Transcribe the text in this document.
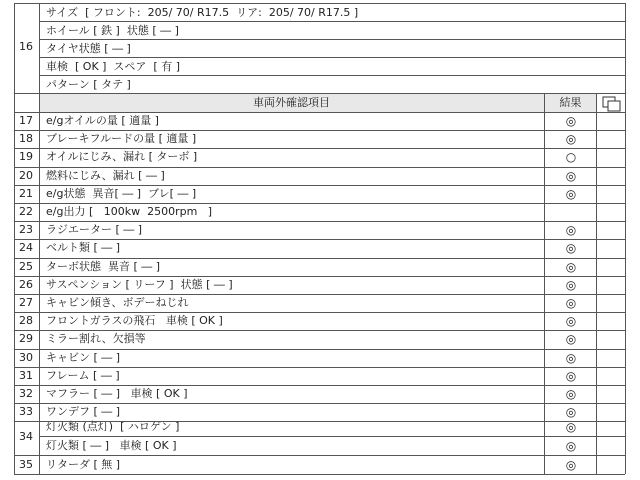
16
サイズ  [ フロント:  205/ 70/ R17.5  リア:  205/ 70/ R17.5 ]
ホイール [ 鉄 ]  状態 [ ― ]
タイヤ状態 [ ― ]
車検  [ OK ]  スペア  [ 有 ]
パターン [ タテ ]
車両外確認項目	結果
17	e/gオイルの量 [ 適量 ]	◎
18	ブレーキフルードの量 [ 適量 ]	◎
19	オイルにじみ、漏れ [ ターボ ]	○
20	燃料にじみ、漏れ [ ― ]	◎
21	e/g状態  異音[ ― ]  ブレ[ ― ]	◎
22	e/g出力 [   100kw  2500rpm   ]
23	ラジエーター [ ― ]	◎
24	ベルト類 [ ― ]	◎
25	ターボ状態  異音 [ ― ]	◎
26	サスペンション [ リーフ ]  状態 [ ― ]	◎
27	キャビン傾き、ボデーねじれ	◎
28	フロントガラスの飛石   車検 [ OK ]	◎
29	ミラー割れ、欠損等	◎
30	キャビン [ ― ]	◎
31	フレーム [ ― ]	◎
32	マフラー [ ― ]   車検 [ OK ]	◎
33	ワンデフ [ ― ]	◎
34
灯火類 (点灯)  [ ハロゲン ]	◎
灯火類 [ ― ]   車検 [ OK ]	◎
35	リターダ [ 無 ]	◎
